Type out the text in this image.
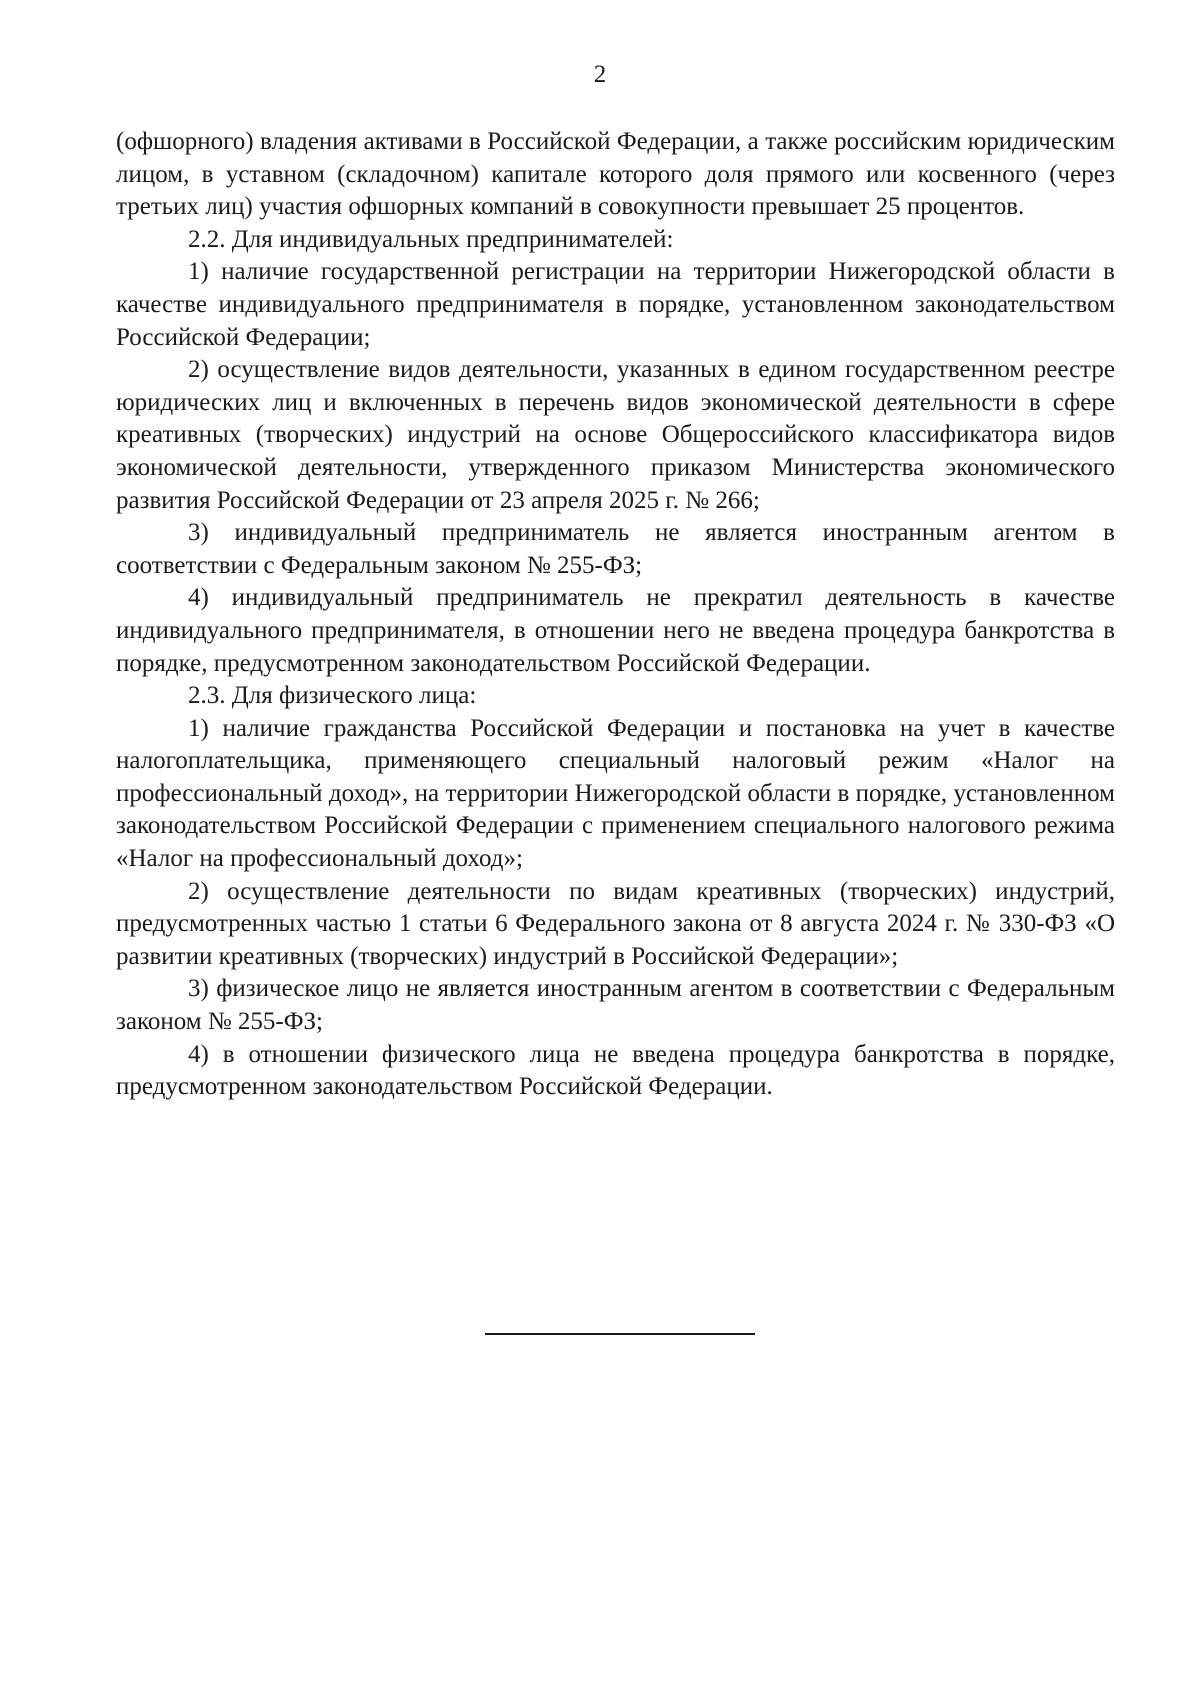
2

(офшорного) владения активами в Российской Федерации, а также российским юридическим лицом, в уставном (складочном) капитале которого доля прямого или косвенного (через третьих лиц) участия офшорных компаний в совокупности превышает 25 процентов.

2.2. Для индивидуальных предпринимателей:

1) наличие государственной регистрации на территории Нижегородской области в качестве индивидуального предпринимателя в порядке, установленном законодательством Российской Федерации;

2) осуществление видов деятельности, указанных в едином государственном реестре юридических лиц и включенных в перечень видов экономической деятельности в сфере креативных (творческих) индустрий на основе Общероссийского классификатора видов экономической деятельности, утвержденного приказом Министерства экономического развития Российской Федерации от 23 апреля 2025 г. № 266;

3) индивидуальный предприниматель не является иностранным агентом в соответствии с Федеральным законом № 255-ФЗ;

4) индивидуальный предприниматель не прекратил деятельность в качестве индивидуального предпринимателя, в отношении него не введена процедура банкротства в порядке, предусмотренном законодательством Российской Федерации.

2.3. Для физического лица:

1) наличие гражданства Российской Федерации и постановка на учет в качестве налогоплательщика, применяющего специальный налоговый режим «Налог на профессиональный доход», на территории Нижегородской области в порядке, установленном законодательством Российской Федерации с применением специального налогового режима «Налог на профессиональный доход»;

2) осуществление деятельности по видам креативных (творческих) индустрий, предусмотренных частью 1 статьи 6 Федерального закона от 8 августа 2024 г. № 330-ФЗ «О развитии креативных (творческих) индустрий в Российской Федерации»;

3) физическое лицо не является иностранным агентом в соответствии с Федеральным законом № 255-ФЗ;

4) в отношении физического лица не введена процедура банкротства в порядке, предусмотренном законодательством Российской Федерации.
